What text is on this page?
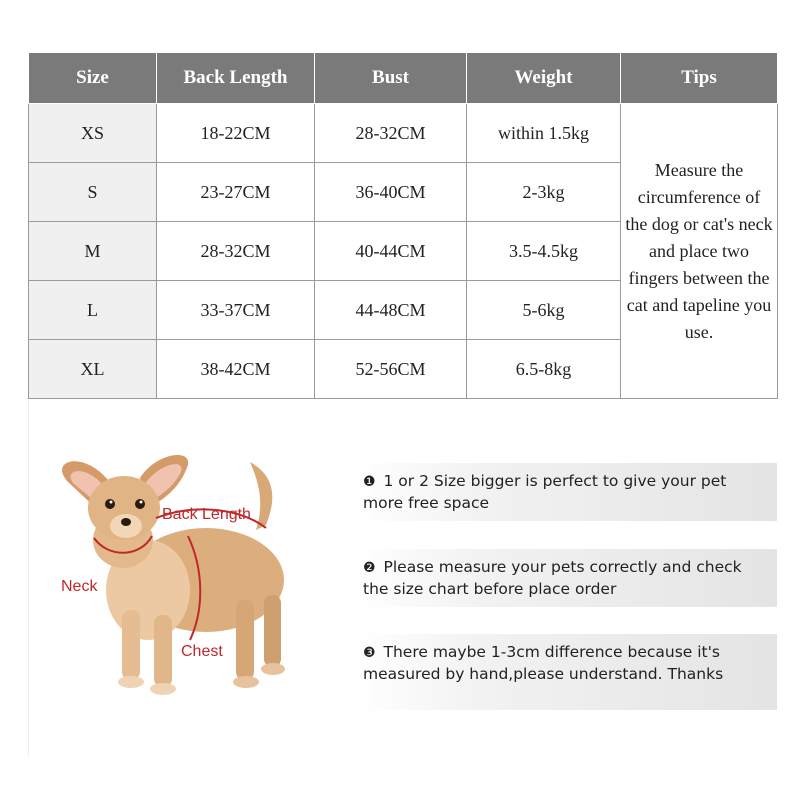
Size	Back Length	Bust	Weight	Tips
XS	18-22CM	28-32CM	within 1.5kg	Measure the circumference of the dog or cat's neck and place two fingers between the cat and tapeline you use.
S	23-27CM	36-40CM	2-3kg	
M	28-32CM	40-44CM	3.5-4.5kg	
L	33-37CM	44-48CM	5-6kg	
XL	38-42CM	52-56CM	6.5-8kg	
Back Length
Neck
Chest
❶ 1 or 2 Size bigger is perfect to give your pet more free space
❷ Please measure your pets correctly and check the size chart before place order
❸ There maybe 1-3cm difference because it's measured by hand,please understand. Thanks
